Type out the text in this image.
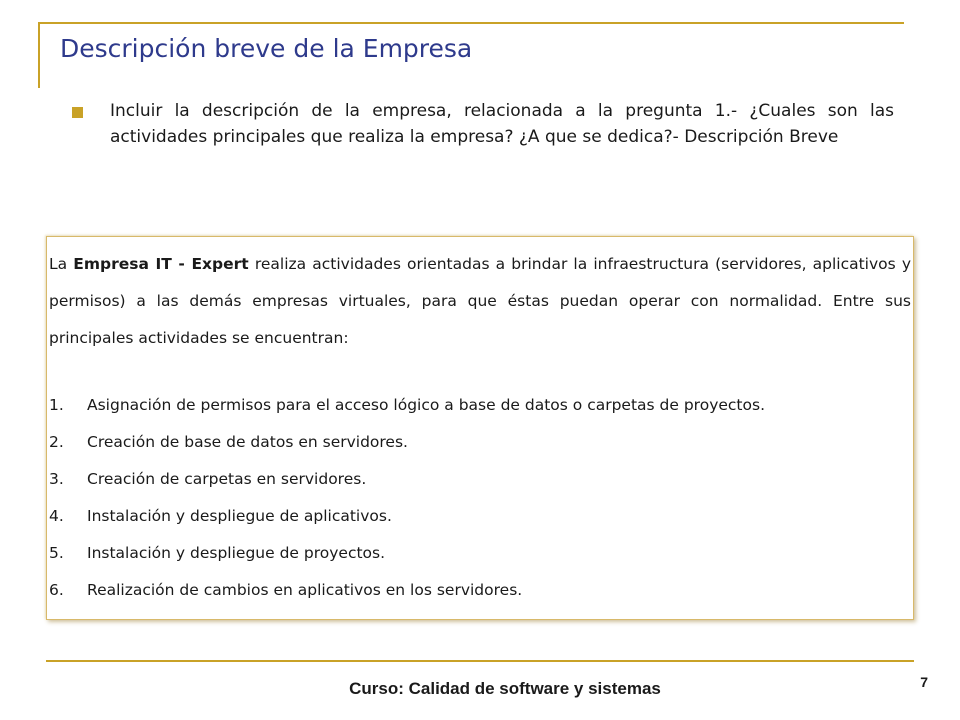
Descripción breve de la Empresa
Incluir la descripción de la empresa, relacionada a la pregunta 1.- ¿Cuales son las actividades principales que realiza la empresa? ¿A que se dedica?- Descripción Breve

La Empresa IT - Expert realiza actividades orientadas a brindar la infraestructura (servidores, aplicativos y permisos) a las demás empresas virtuales, para que éstas puedan operar con normalidad. Entre sus principales actividades se encuentran:

1.	Asignación de permisos para el acceso lógico a base de datos o carpetas de proyectos.
2.	Creación de base de datos en servidores.
3.	Creación de carpetas en servidores.
4.	Instalación y despliegue de aplicativos.
5.	Instalación y despliegue de proyectos.
6.	Realización de cambios en aplicativos en los servidores.
Curso: Calidad de software y sistemas	7
